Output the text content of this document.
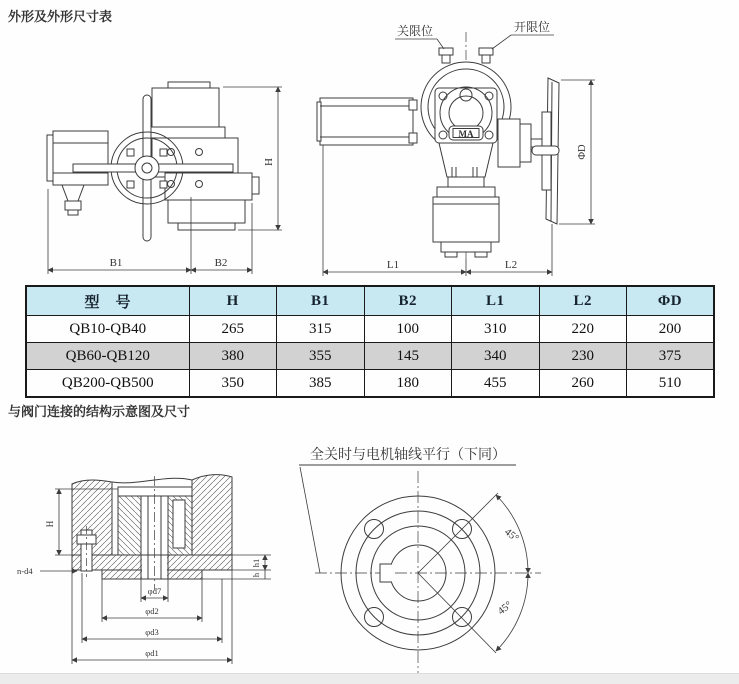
外形及外形尺寸表
B1	B2
H
MA
关限位	开限位
ΦD
L1	L2
型　号	H	B1	B2	L1	L2	ΦD
QB10-QB40	265	315	100	310	220	200
QB60-QB120	380	355	145	340	230	375
QB200-QB500	350	385	180	455	260	510
与阀门连接的结构示意图及尺寸
H
n-d4
h1
h
φd7
φd2
φd3
φd1
全关时与电机轴线平行（下同）
45°
45°
